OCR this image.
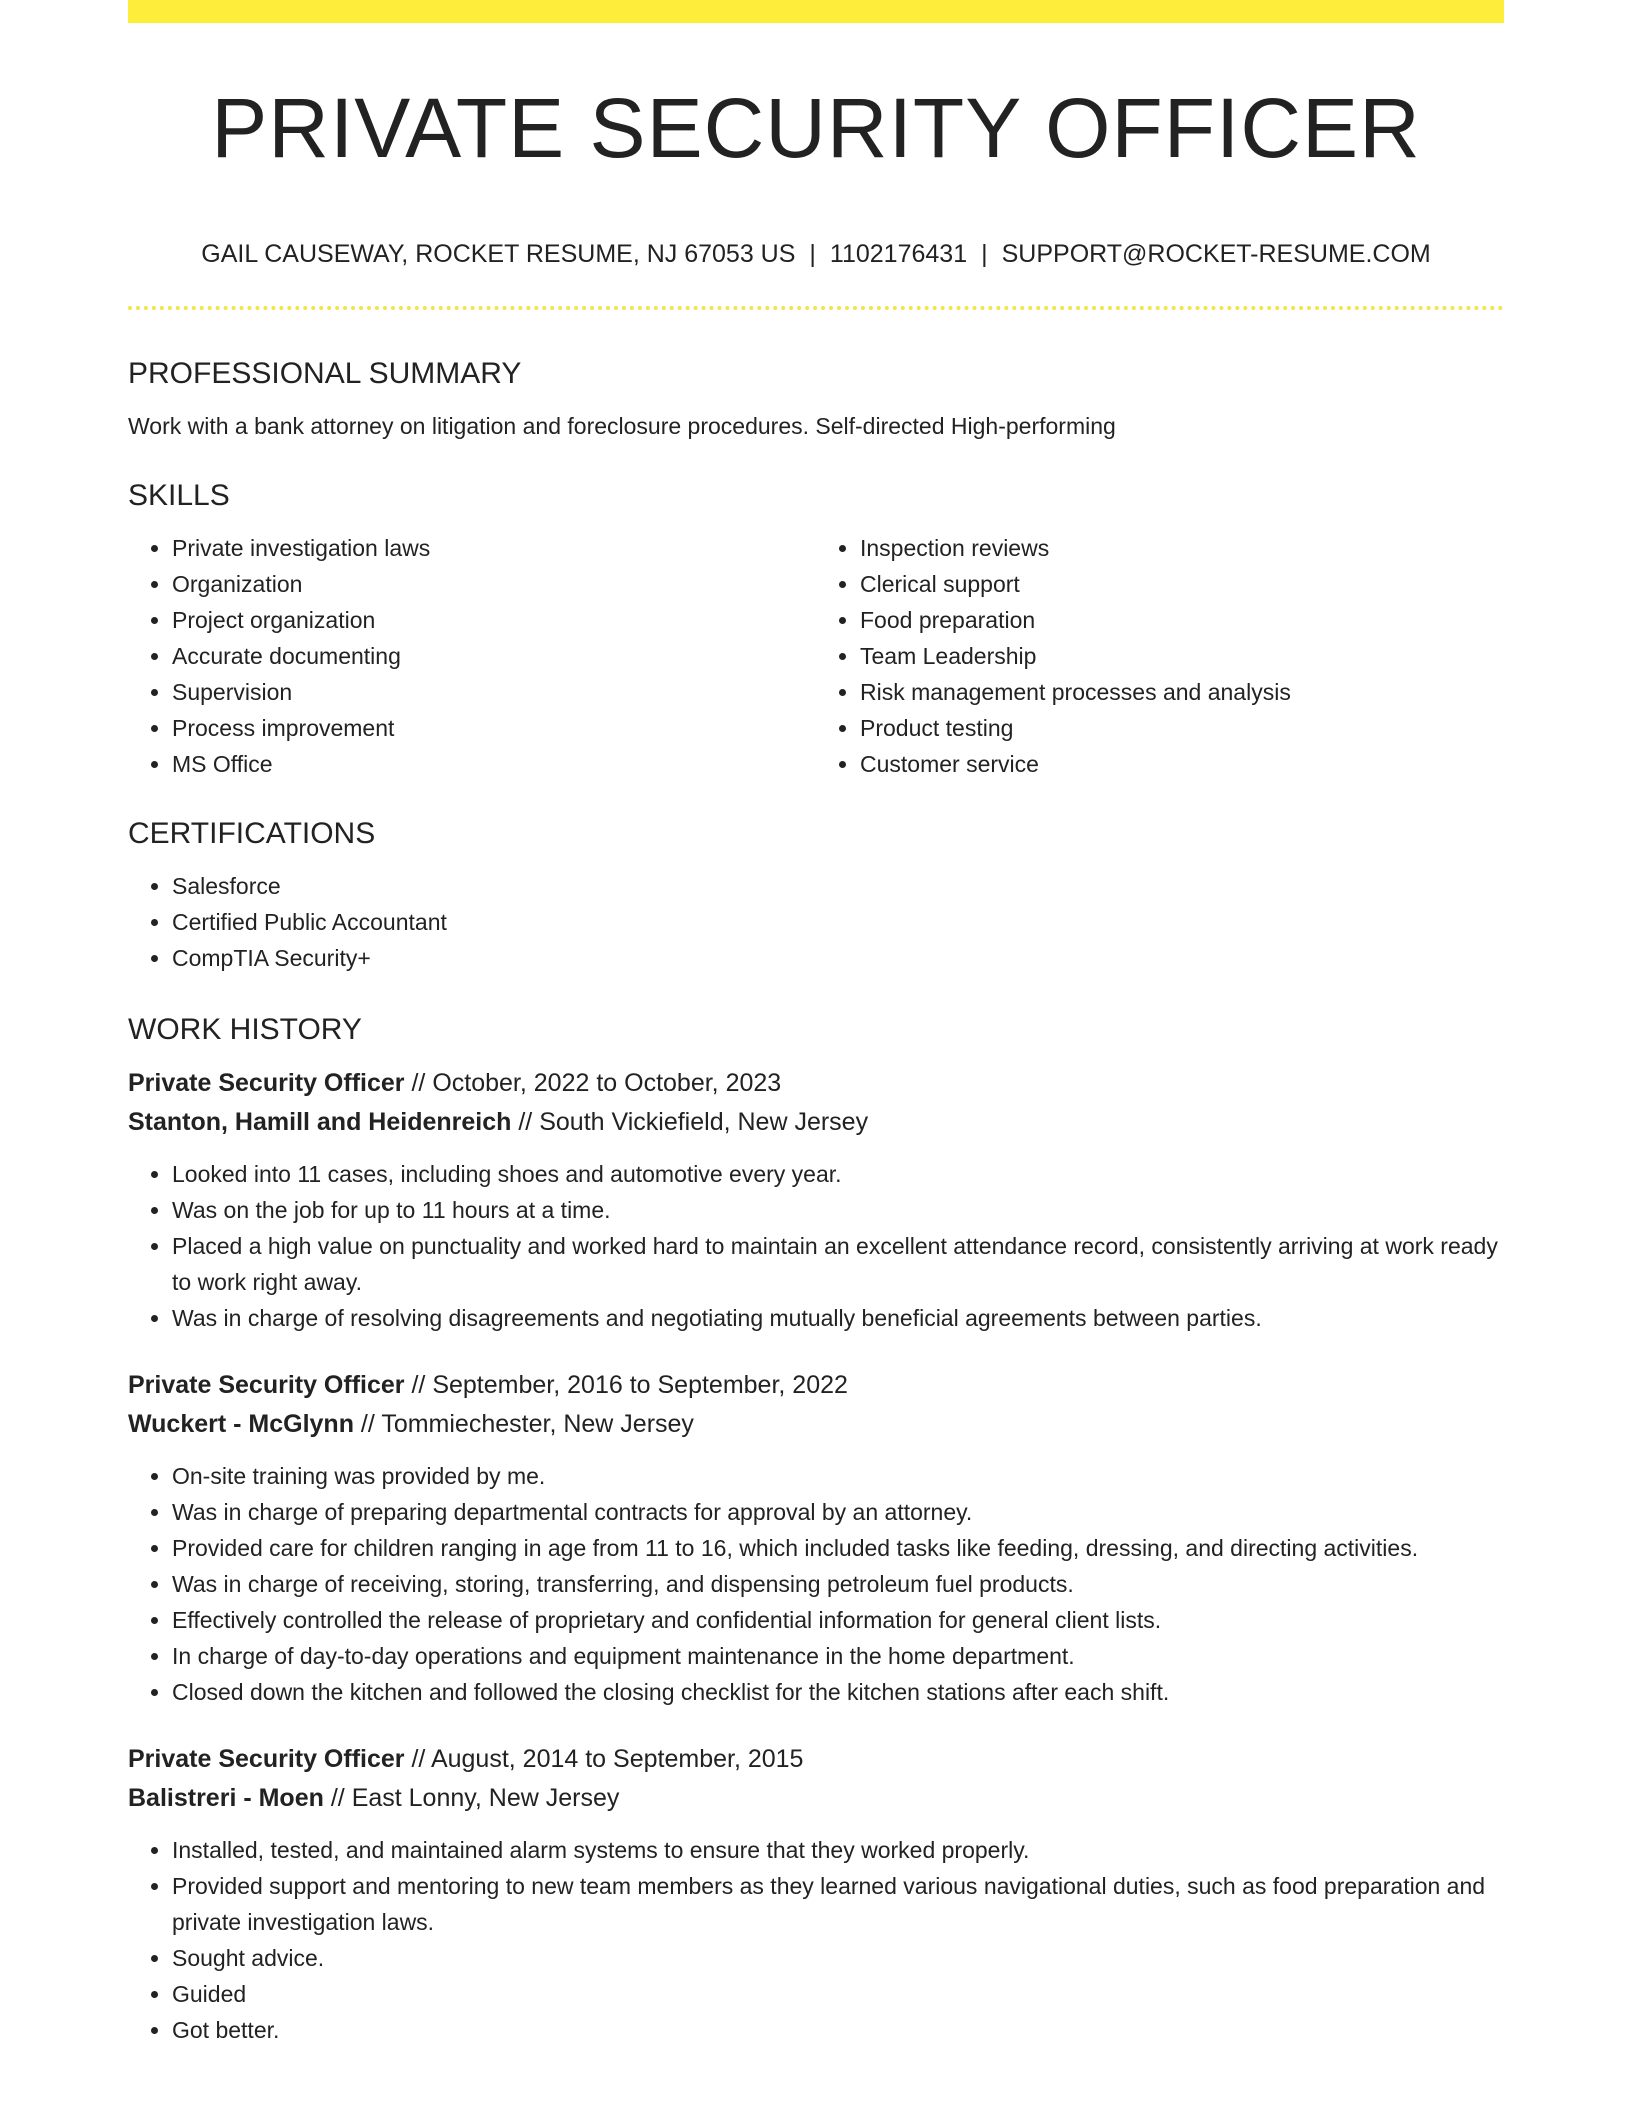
PRIVATE SECURITY OFFICER
GAIL CAUSEWAY, ROCKET RESUME, NJ 67053 US | 1102176431 | SUPPORT@ROCKET-RESUME.COM
PROFESSIONAL SUMMARY

Work with a bank attorney on litigation and foreclosure procedures. Self-directed High-performing

SKILLS
• Private investigation laws
• Organization
• Project organization
• Accurate documenting
• Supervision
• Process improvement
• MS Office
• Inspection reviews
• Clerical support
• Food preparation
• Team Leadership
• Risk management processes and analysis
• Product testing
• Customer service
CERTIFICATIONS
• Salesforce
• Certified Public Accountant
• CompTIA Security+
WORK HISTORY
Private Security Officer // October, 2022 to October, 2023
Stanton, Hamill and Heidenreich // South Vickiefield, New Jersey
• Looked into 11 cases, including shoes and automotive every year.
• Was on the job for up to 11 hours at a time.
• Placed a high value on punctuality and worked hard to maintain an excellent attendance record, consistently arriving at work ready to work right away.
• Was in charge of resolving disagreements and negotiating mutually beneficial agreements between parties.
Private Security Officer // September, 2016 to September, 2022
Wuckert - McGlynn // Tommiechester, New Jersey
• On-site training was provided by me.
• Was in charge of preparing departmental contracts for approval by an attorney.
• Provided care for children ranging in age from 11 to 16, which included tasks like feeding, dressing, and directing activities.
• Was in charge of receiving, storing, transferring, and dispensing petroleum fuel products.
• Effectively controlled the release of proprietary and confidential information for general client lists.
• In charge of day-to-day operations and equipment maintenance in the home department.
• Closed down the kitchen and followed the closing checklist for the kitchen stations after each shift.
Private Security Officer // August, 2014 to September, 2015
Balistreri - Moen // East Lonny, New Jersey
• Installed, tested, and maintained alarm systems to ensure that they worked properly.
• Provided support and mentoring to new team members as they learned various navigational duties, such as food preparation and private investigation laws.
• Sought advice.
• Guided
• Got better.
